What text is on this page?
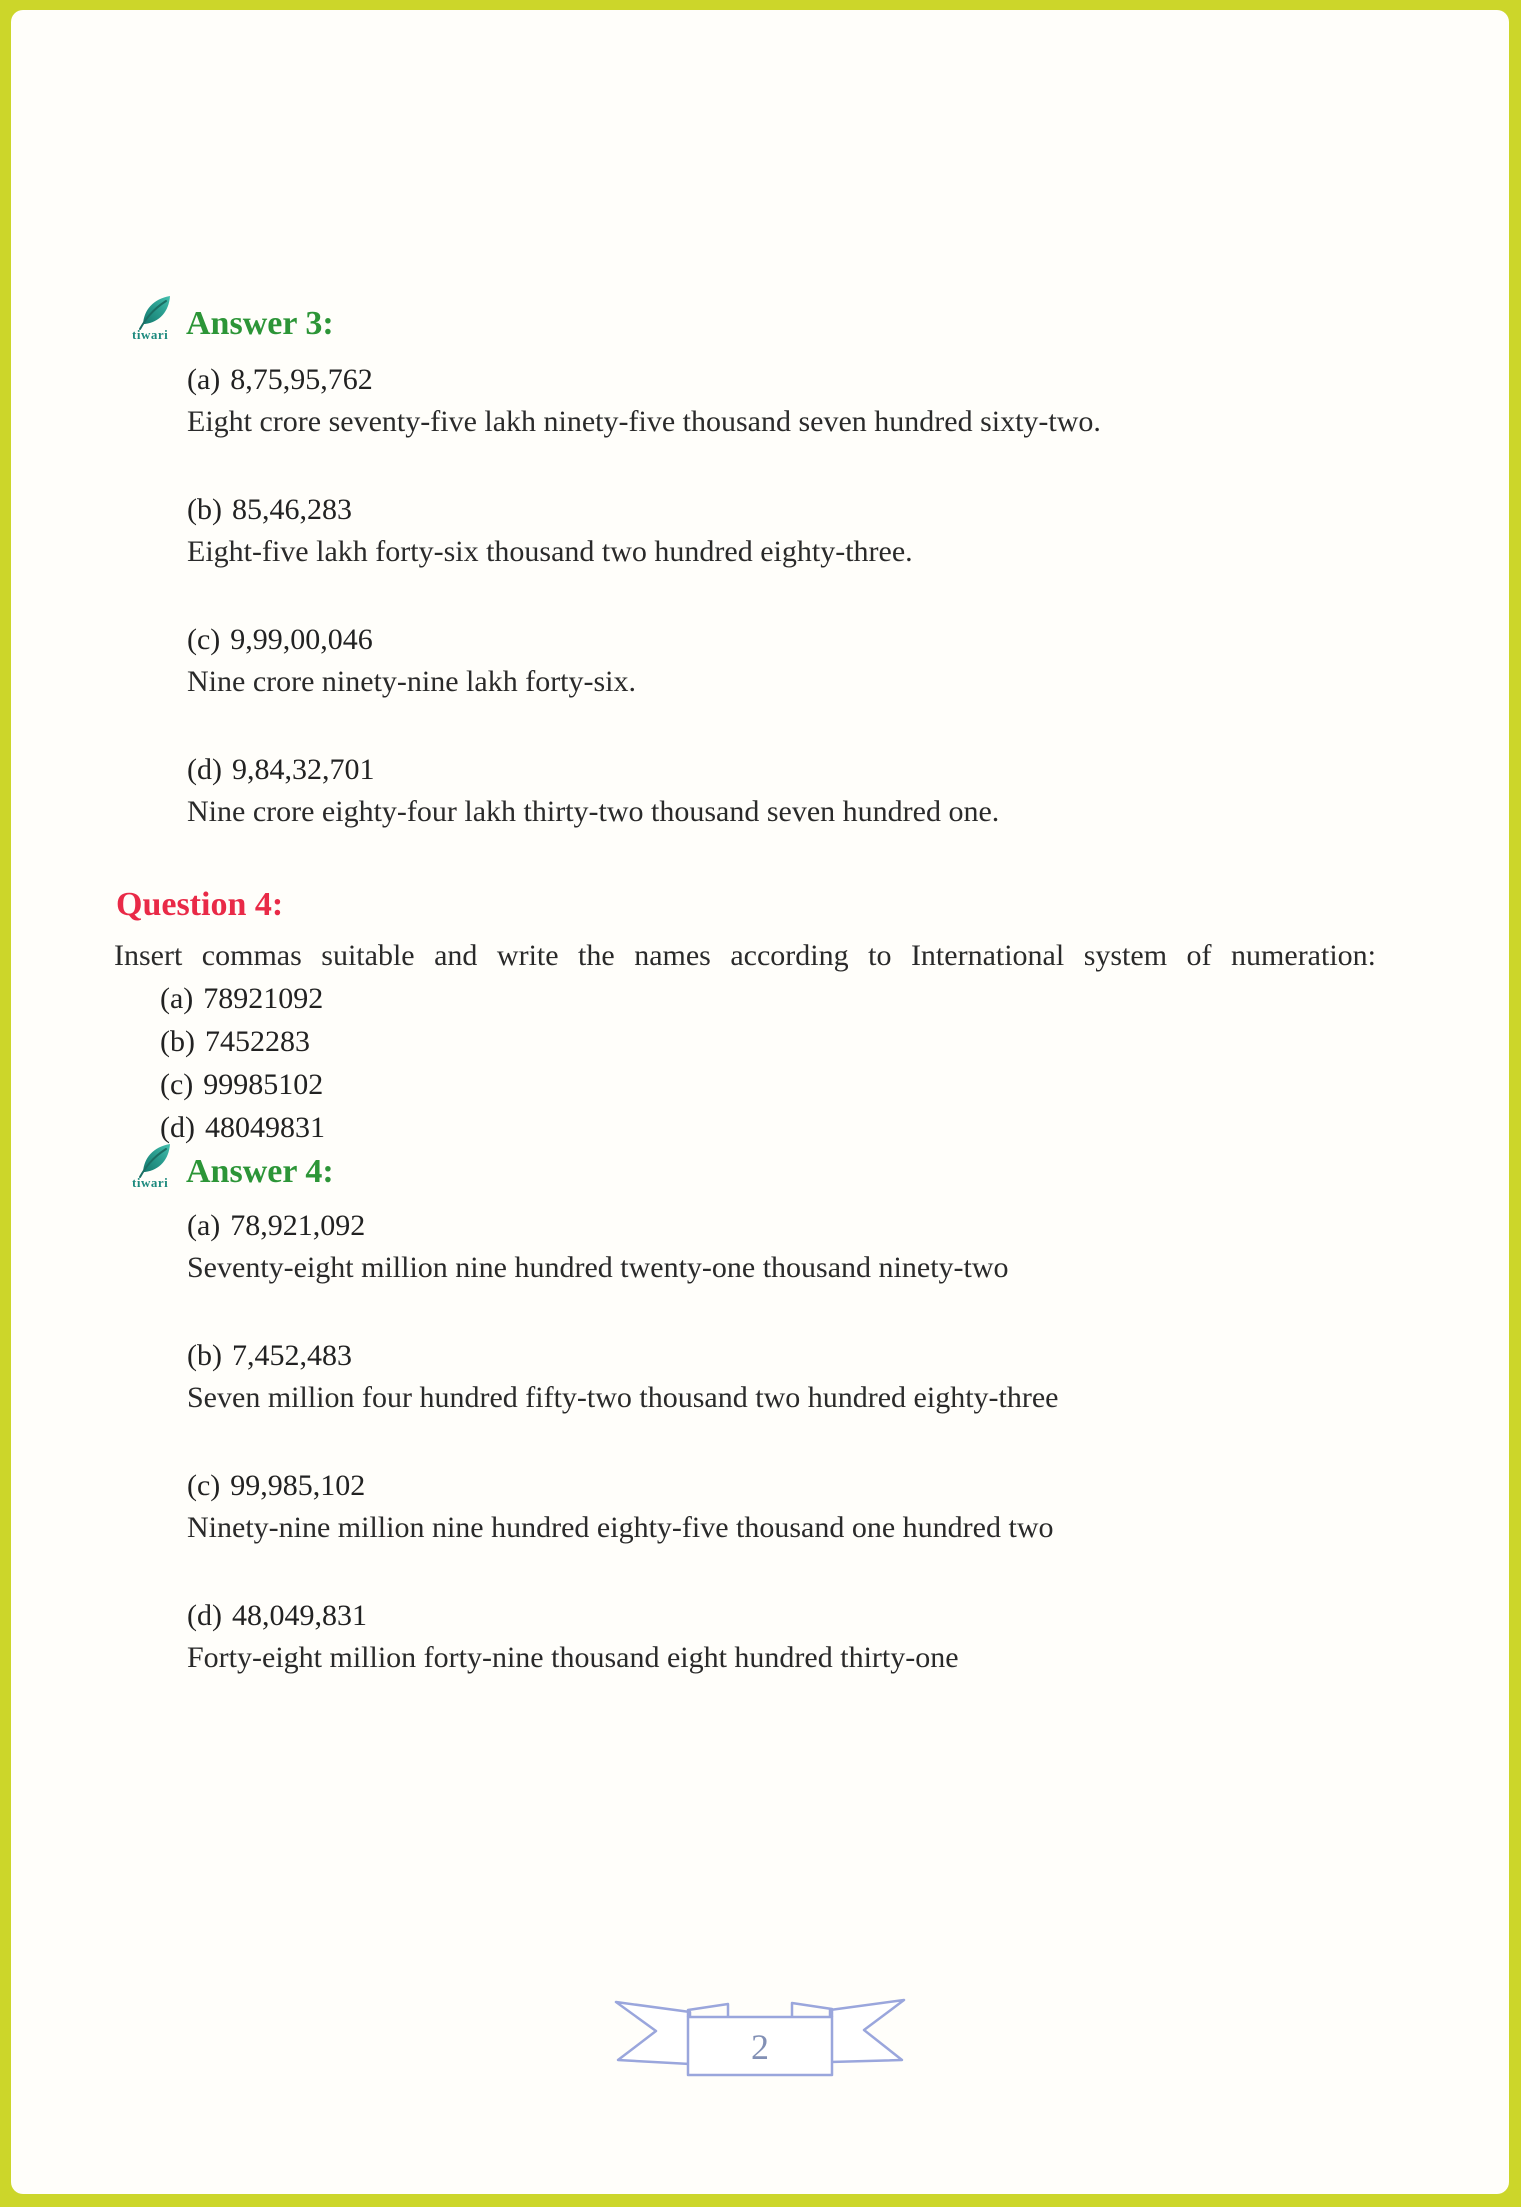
tiwari Answer 3:
(a) 8,75,95,762
Eight crore seventy-five lakh ninety-five thousand seven hundred sixty-two.
(b) 85,46,283
Eight-five lakh forty-six thousand two hundred eighty-three.
(c) 9,99,00,046
Nine crore ninety-nine lakh forty-six.
(d) 9,84,32,701
Nine crore eighty-four lakh thirty-two thousand seven hundred one.
Question 4:
Insert commas suitable and write the names according to International system of numeration:
(a) 78921092
(b) 7452283
(c) 99985102
(d) 48049831
tiwari Answer 4:
(a) 78,921,092
Seventy-eight million nine hundred twenty-one thousand ninety-two
(b) 7,452,483
Seven million four hundred fifty-two thousand two hundred eighty-three
(c) 99,985,102
Ninety-nine million nine hundred eighty-five thousand one hundred two
(d) 48,049,831
Forty-eight million forty-nine thousand eight hundred thirty-one
2
